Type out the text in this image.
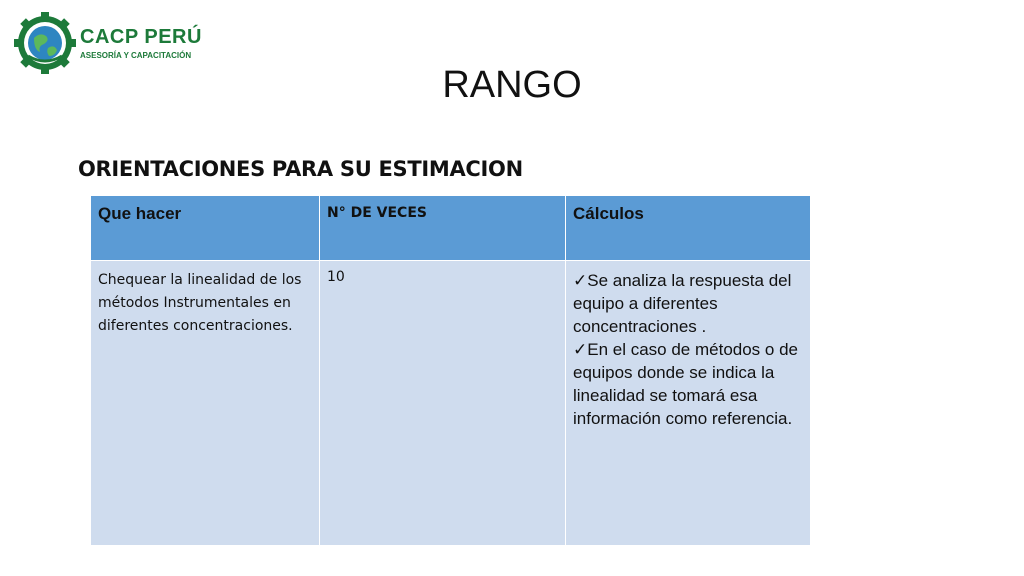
CACP PERÚ
ASESORÍA Y CAPACITACIÓN
RANGO
ORIENTACIONES PARA SU ESTIMACION
Que hacer	N° DE VECES	Cálculos
Chequear la linealidad de los métodos Instrumentales en diferentes concentraciones.	10	✓Se analiza la respuesta del equipo a diferentes concentraciones .

✓En el caso de métodos o de equipos donde se indica la linealidad se tomará esa información como referencia.
